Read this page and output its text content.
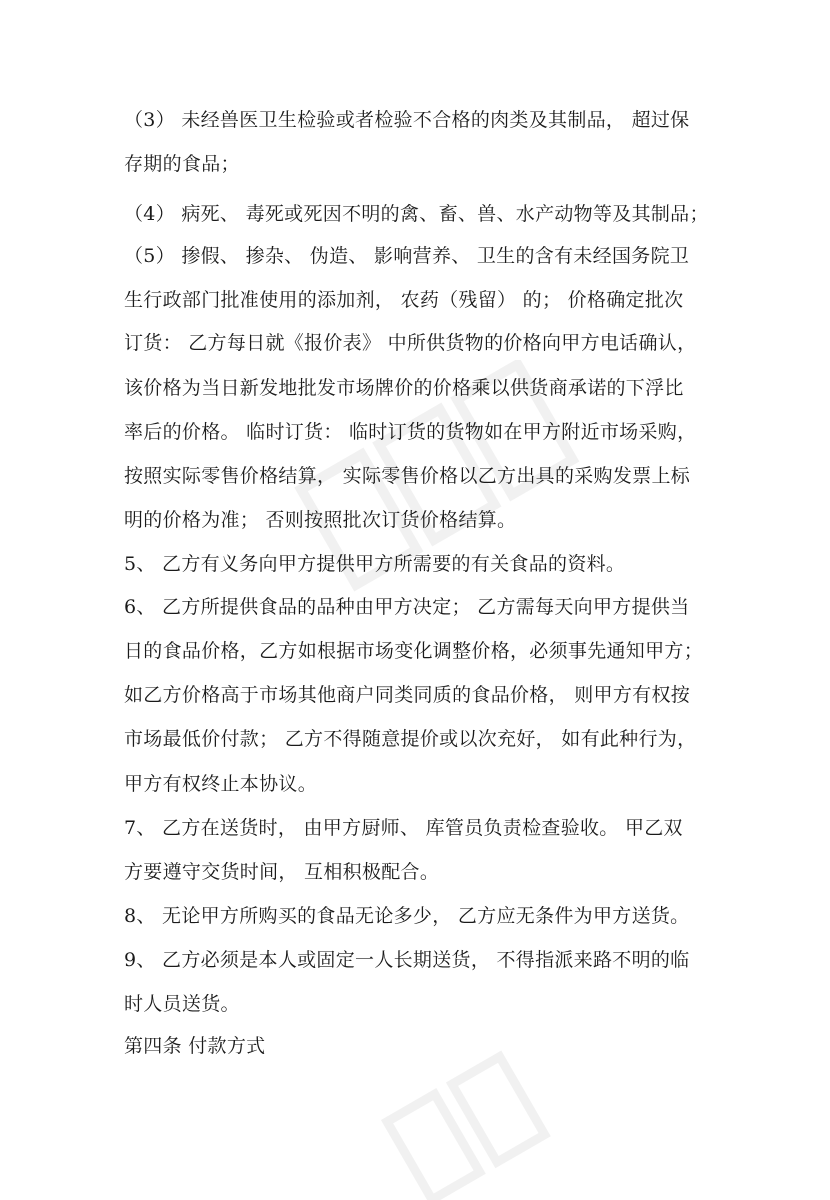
（3） 未经兽医卫生检验或者检验不合格的肉类及其制品， 超过保
存期的食品；
（4） 病死、 毒死或死因不明的禽、畜、兽、水产动物等及其制品；
（5） 掺假、 掺杂、 伪造、 影响营养、 卫生的含有未经国务院卫
生行政部门批准使用的添加剂， 农药（残留） 的； 价格确定批次
订货： 乙方每日就《报价表》 中所供货物的价格向甲方电话确认，
该价格为当日新发地批发市场牌价的价格乘以供货商承诺的下浮比
率后的价格。 临时订货： 临时订货的货物如在甲方附近市场采购，
按照实际零售价格结算， 实际零售价格以乙方出具的采购发票上标
明的价格为准； 否则按照批次订货价格结算。
5、 乙方有义务向甲方提供甲方所需要的有关食品的资料。
6、 乙方所提供食品的品种由甲方决定； 乙方需每天向甲方提供当
日的食品价格，乙方如根据市场变化调整价格，必须事先通知甲方；
如乙方价格高于市场其他商户同类同质的食品价格， 则甲方有权按
市场最低价付款； 乙方不得随意提价或以次充好， 如有此种行为，
甲方有权终止本协议。
7、 乙方在送货时， 由甲方厨师、 库管员负责检查验收。 甲乙双
方要遵守交货时间， 互相积极配合。
8、 无论甲方所购买的食品无论多少， 乙方应无条件为甲方送货。
9、 乙方必须是本人或固定一人长期送货， 不得指派来路不明的临
时人员送货。
第四条 付款方式
